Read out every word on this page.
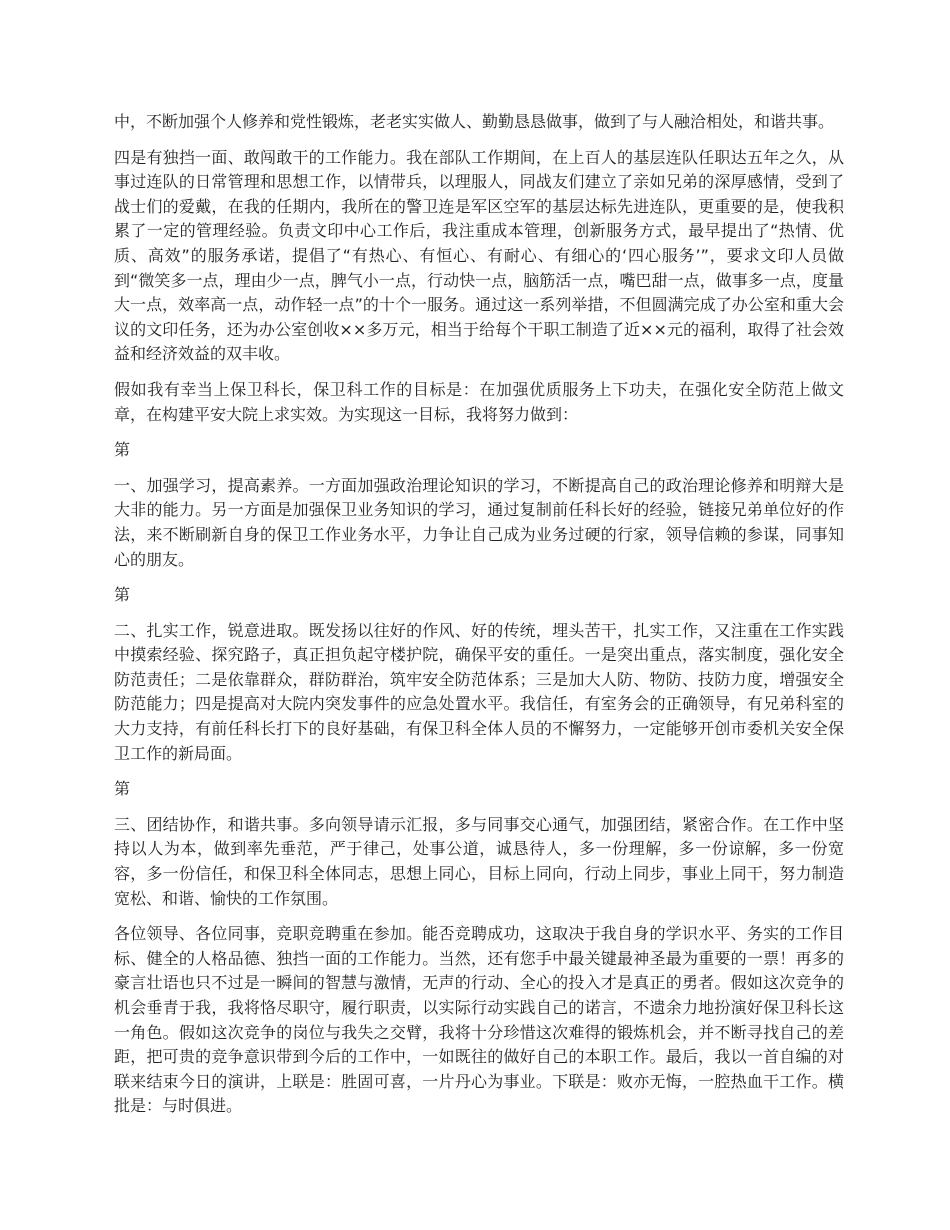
中，不断加强个人修养和党性锻炼，老老实实做人、勤勤恳恳做事，做到了与人融洽相处，和谐共事。

四是有独挡一面、敢闯敢干的工作能力。我在部队工作期间，在上百人的基层连队任职达五年之久，从事过连队的日常管理和思想工作，以情带兵，以理服人，同战友们建立了亲如兄弟的深厚感情，受到了战士们的爱戴，在我的任期内，我所在的警卫连是军区空军的基层达标先进连队，更重要的是，使我积累了一定的管理经验。负责文印中心工作后，我注重成本管理，创新服务方式，最早提出了“热情、优质、高效”的服务承诺，提倡了“有热心、有恒心、有耐心、有细心的‘四心服务’”，要求文印人员做到“微笑多一点，理由少一点，脾气小一点，行动快一点，脑筋活一点，嘴巴甜一点，做事多一点，度量大一点，效率高一点，动作轻一点”的十个一服务。通过这一系列举措，不但圆满完成了办公室和重大会议的文印任务，还为办公室创收××多万元，相当于给每个干职工制造了近××元的福利，取得了社会效益和经济效益的双丰收。

假如我有幸当上保卫科长，保卫科工作的目标是：在加强优质服务上下功夫，在强化安全防范上做文章，在构建平安大院上求实效。为实现这一目标，我将努力做到：

第

一、加强学习，提高素养。一方面加强政治理论知识的学习，不断提高自己的政治理论修养和明辩大是大非的能力。另一方面是加强保卫业务知识的学习，通过复制前任科长好的经验，链接兄弟单位好的作法，来不断刷新自身的保卫工作业务水平，力争让自己成为业务过硬的行家，领导信赖的参谋，同事知心的朋友。

第

二、扎实工作，锐意进取。既发扬以往好的作风、好的传统，埋头苦干，扎实工作，又注重在工作实践中摸索经验、探究路子，真正担负起守楼护院，确保平安的重任。一是突出重点，落实制度，强化安全防范责任；二是依靠群众，群防群治，筑牢安全防范体系；三是加大人防、物防、技防力度，增强安全防范能力；四是提高对大院内突发事件的应急处置水平。我信任，有室务会的正确领导，有兄弟科室的大力支持，有前任科长打下的良好基础，有保卫科全体人员的不懈努力，一定能够开创市委机关安全保卫工作的新局面。

第

三、团结协作，和谐共事。多向领导请示汇报，多与同事交心通气，加强团结，紧密合作。在工作中坚持以人为本，做到率先垂范，严于律己，处事公道，诚恳待人，多一份理解，多一份谅解，多一份宽容，多一份信任，和保卫科全体同志，思想上同心，目标上同向，行动上同步，事业上同干，努力制造宽松、和谐、愉快的工作氛围。

各位领导、各位同事，竞职竞聘重在参加。能否竞聘成功，这取决于我自身的学识水平、务实的工作目标、健全的人格品德、独挡一面的工作能力。当然，还有您手中最关键最神圣最为重要的一票！再多的豪言壮语也只不过是一瞬间的智慧与激情，无声的行动、全心的投入才是真正的勇者。假如这次竞争的机会垂青于我，我将恪尽职守，履行职责，以实际行动实践自己的诺言，不遗余力地扮演好保卫科长这一角色。假如这次竞争的岗位与我失之交臂，我将十分珍惜这次难得的锻炼机会，并不断寻找自己的差距，把可贵的竞争意识带到今后的工作中，一如既往的做好自己的本职工作。最后，我以一首自编的对联来结束今日的演讲，上联是：胜固可喜，一片丹心为事业。下联是：败亦无悔，一腔热血干工作。横批是：与时俱进。
